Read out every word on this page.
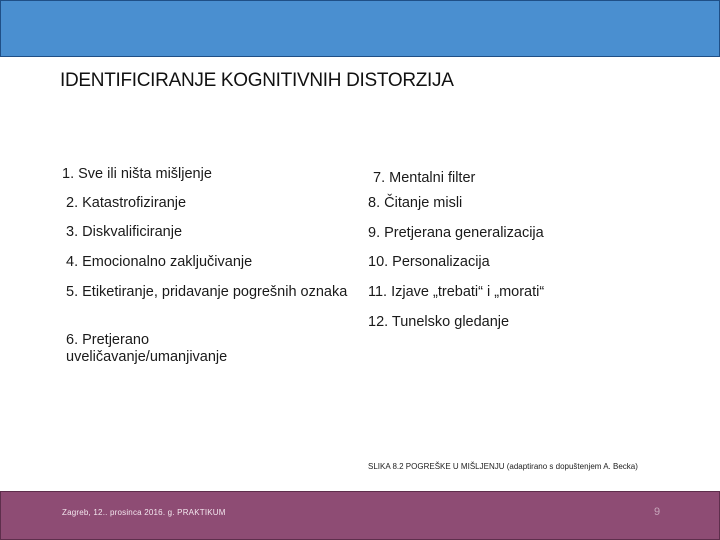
IDENTIFICIRANJE KOGNITIVNIH DISTORZIJA
1. Sve ili ništa mišljenje
2. Katastrofiziranje
3. Diskvalificiranje
4. Emocionalno zaključivanje
5. Etiketiranje, pridavanje pogrešnih oznaka
6. Pretjerano uveličavanje/umanjivanje
7. Mentalni filter
8. Čitanje misli
9. Pretjerana generalizacija
10. Personalizacija
11. Izjave „trebati“ i „morati“
12. Tunelsko gledanje
SLIKA 8.2 POGREŠKE U MIŠLJENJU (adaptirano s dopuštenjem A. Becka)
Zagreb, 12.. prosinca 2016. g. PRAKTIKUM	9
